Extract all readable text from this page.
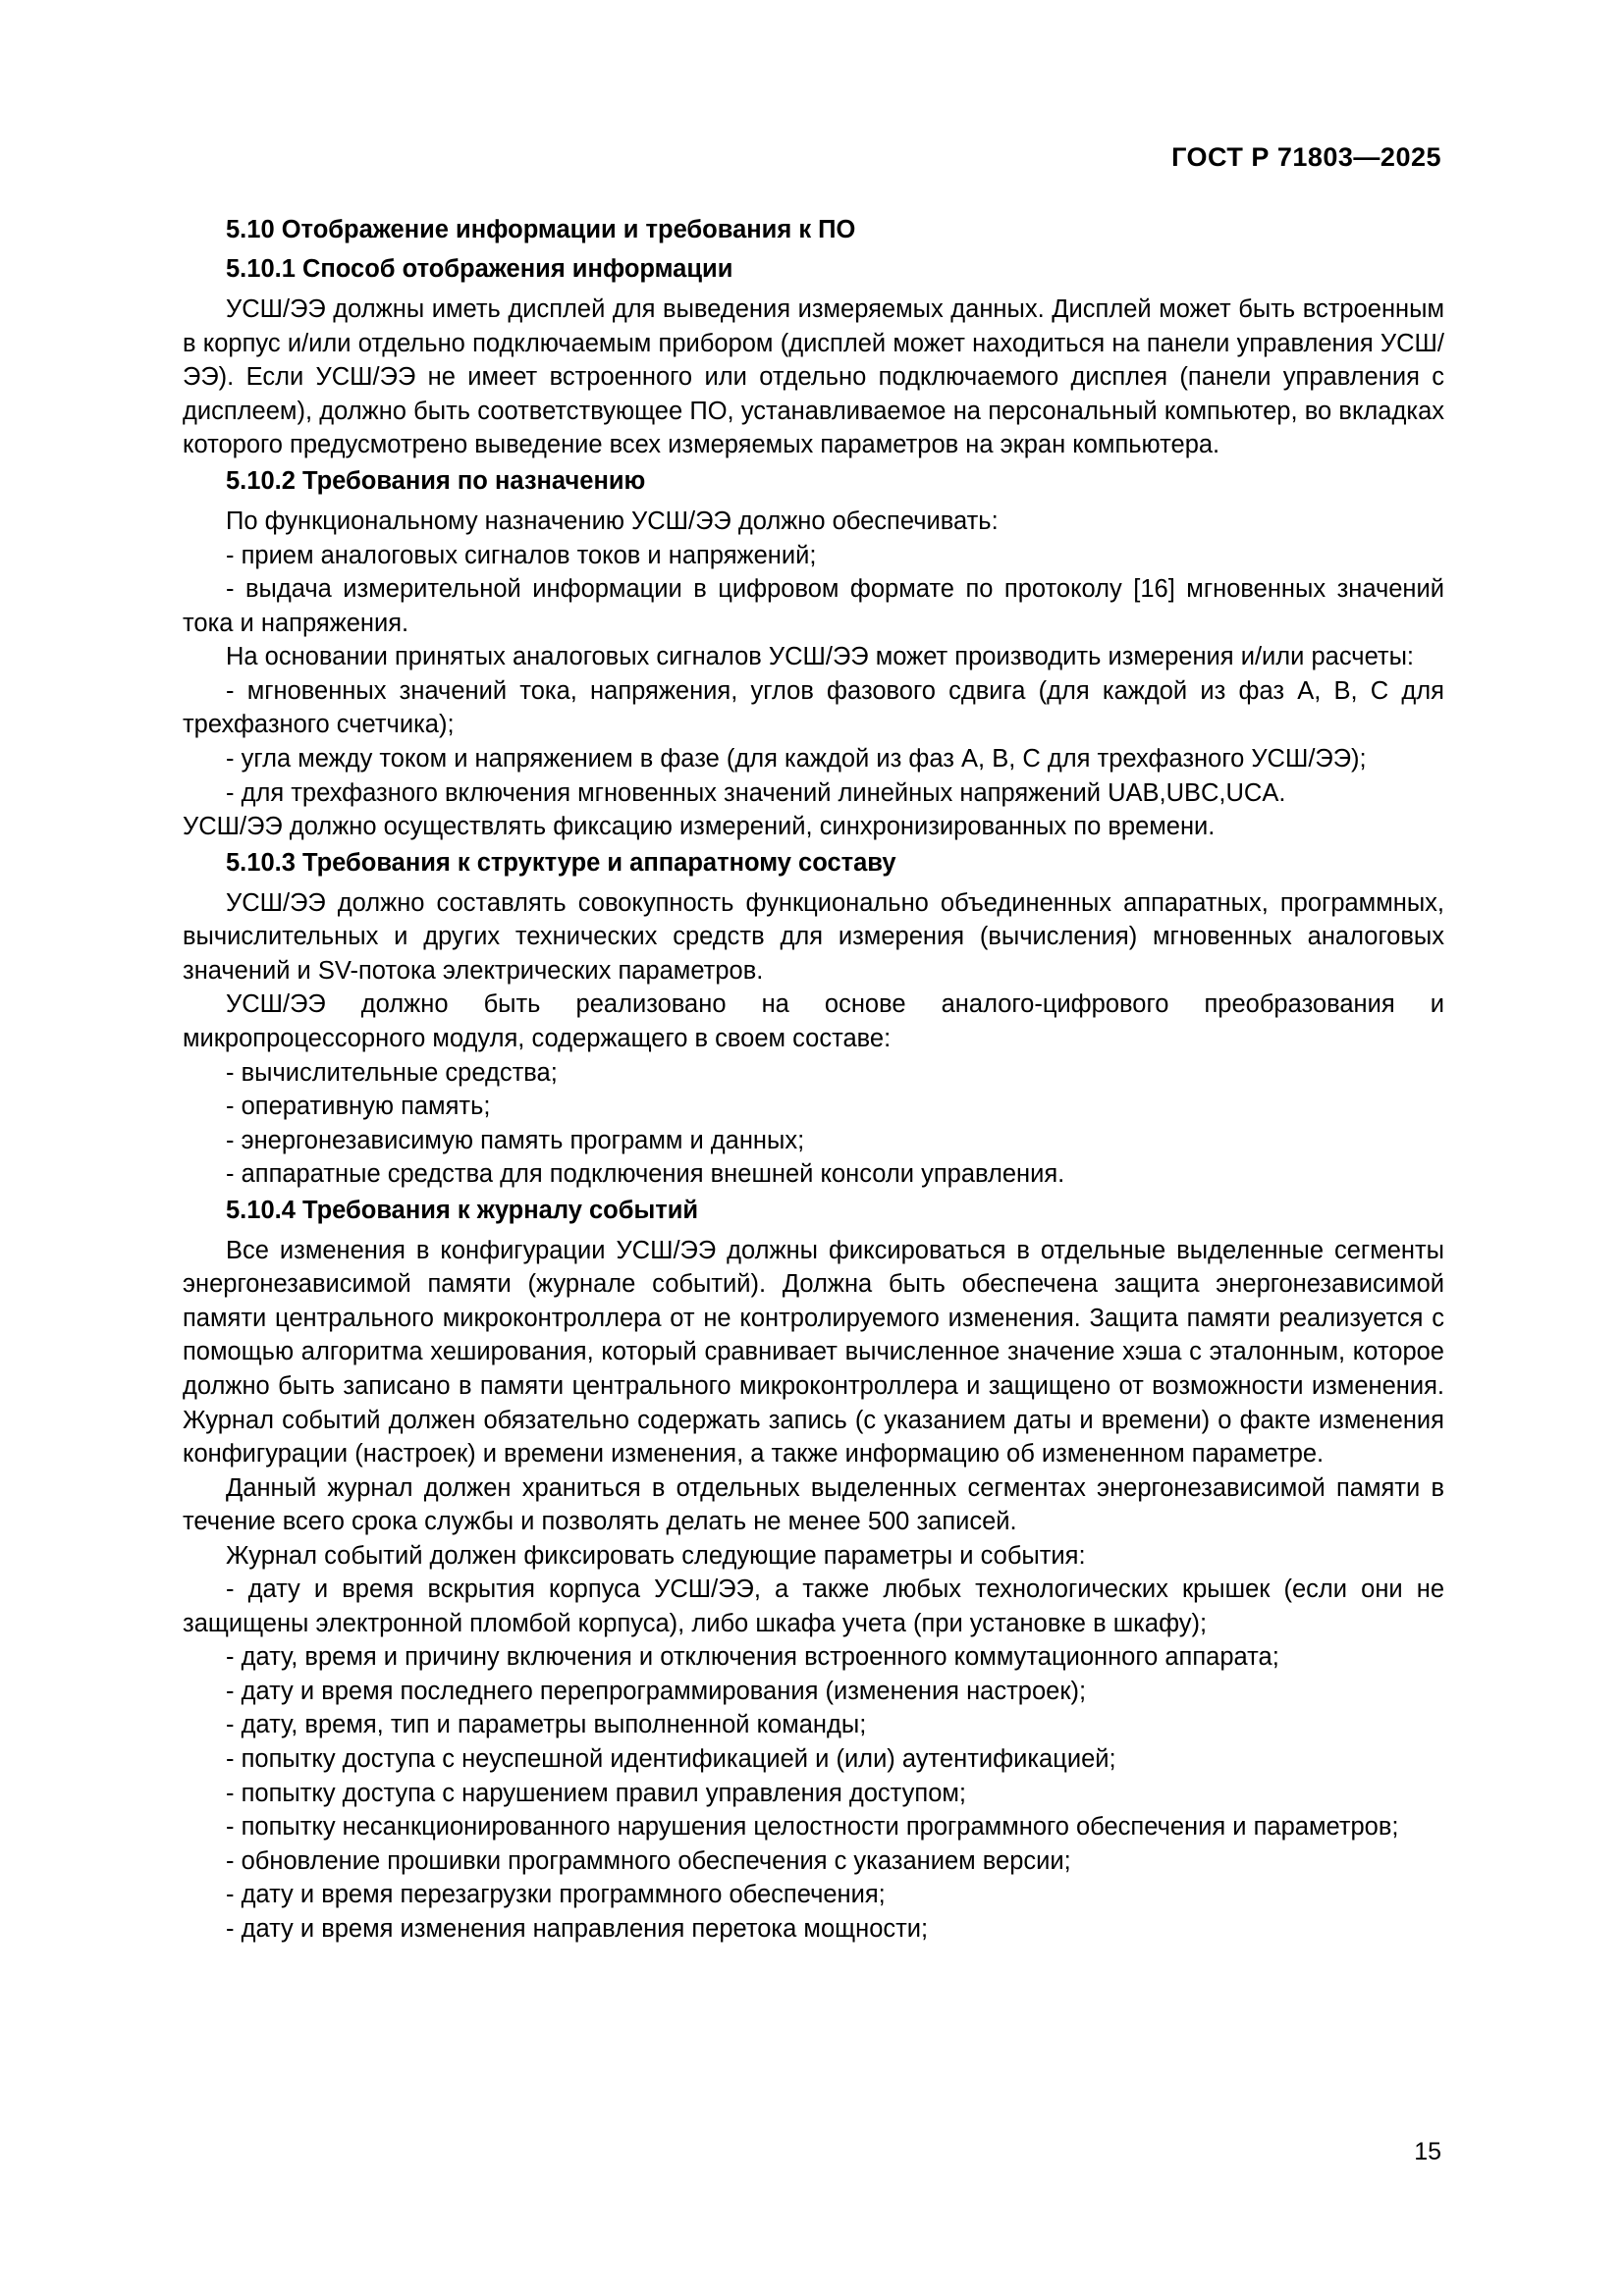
ГОСТ Р 71803—2025
5.10 Отображение информации и требования к ПО
5.10.1 Способ отображения информации

УСШ/ЭЭ должны иметь дисплей для выведения измеряемых данных. Дисплей может быть встроенным в корпус и/или отдельно подключаемым прибором (дисплей может находиться на панели управления УСШ/ЭЭ). Если УСШ/ЭЭ не имеет встроенного или отдельно подключаемого дисплея (панели управления с дисплеем), должно быть соответствующее ПО, устанавливаемое на персональный компьютер, во вкладках которого предусмотрено выведение всех измеряемых параметров на экран компьютера.

5.10.2 Требования по назначению

По функциональному назначению УСШ/ЭЭ должно обеспечивать:

- прием аналоговых сигналов токов и напряжений;

- выдача измерительной информации в цифровом формате по протоколу [16] мгновенных значений тока и напряжения.

На основании принятых аналоговых сигналов УСШ/ЭЭ может производить измерения и/или расчеты:

- мгновенных значений тока, напряжения, углов фазового сдвига (для каждой из фаз А, В, С для трехфазного счетчика);

- угла между током и напряжением в фазе (для каждой из фаз А, В, С для трехфазного УСШ/ЭЭ);

- для трехфазного включения мгновенных значений линейных напряжений UAB,UBC,UCA.

УСШ/ЭЭ должно осуществлять фиксацию измерений, синхронизированных по времени.

5.10.3 Требования к структуре и аппаратному составу

УСШ/ЭЭ должно составлять совокупность функционально объединенных аппаратных, программных, вычислительных и других технических средств для измерения (вычисления) мгновенных аналоговых значений и SV-потока электрических параметров.

УСШ/ЭЭ должно быть реализовано на основе аналого-цифрового преобразования и микропроцессорного модуля, содержащего в своем составе:

- вычислительные средства;

- оперативную память;

- энергонезависимую память программ и данных;

- аппаратные средства для подключения внешней консоли управления.

5.10.4 Требования к журналу событий

Все изменения в конфигурации УСШ/ЭЭ должны фиксироваться в отдельные выделенные сегменты энергонезависимой памяти (журнале событий). Должна быть обеспечена защита энергонезависимой памяти центрального микроконтроллера от не контролируемого изменения. Защита памяти реализуется с помощью алгоритма хеширования, который сравнивает вычисленное значение хэша с эталонным, которое должно быть записано в памяти центрального микроконтроллера и защищено от возможности изменения. Журнал событий должен обязательно содержать запись (с указанием даты и времени) о факте изменения конфигурации (настроек) и времени изменения, а также информацию об измененном параметре.

Данный журнал должен храниться в отдельных выделенных сегментах энергонезависимой памяти в течение всего срока службы и позволять делать не менее 500 записей.

Журнал событий должен фиксировать следующие параметры и события:

- дату и время вскрытия корпуса УСШ/ЭЭ, а также любых технологических крышек (если они не защищены электронной пломбой корпуса), либо шкафа учета (при установке в шкафу);

- дату, время и причину включения и отключения встроенного коммутационного аппарата;

- дату и время последнего перепрограммирования (изменения настроек);

- дату, время, тип и параметры выполненной команды;

- попытку доступа с неуспешной идентификацией и (или) аутентификацией;

- попытку доступа с нарушением правил управления доступом;

- попытку несанкционированного нарушения целостности программного обеспечения и параметров;

- обновление прошивки программного обеспечения с указанием версии;

- дату и время перезагрузки программного обеспечения;

- дату и время изменения направления перетока мощности;

15
